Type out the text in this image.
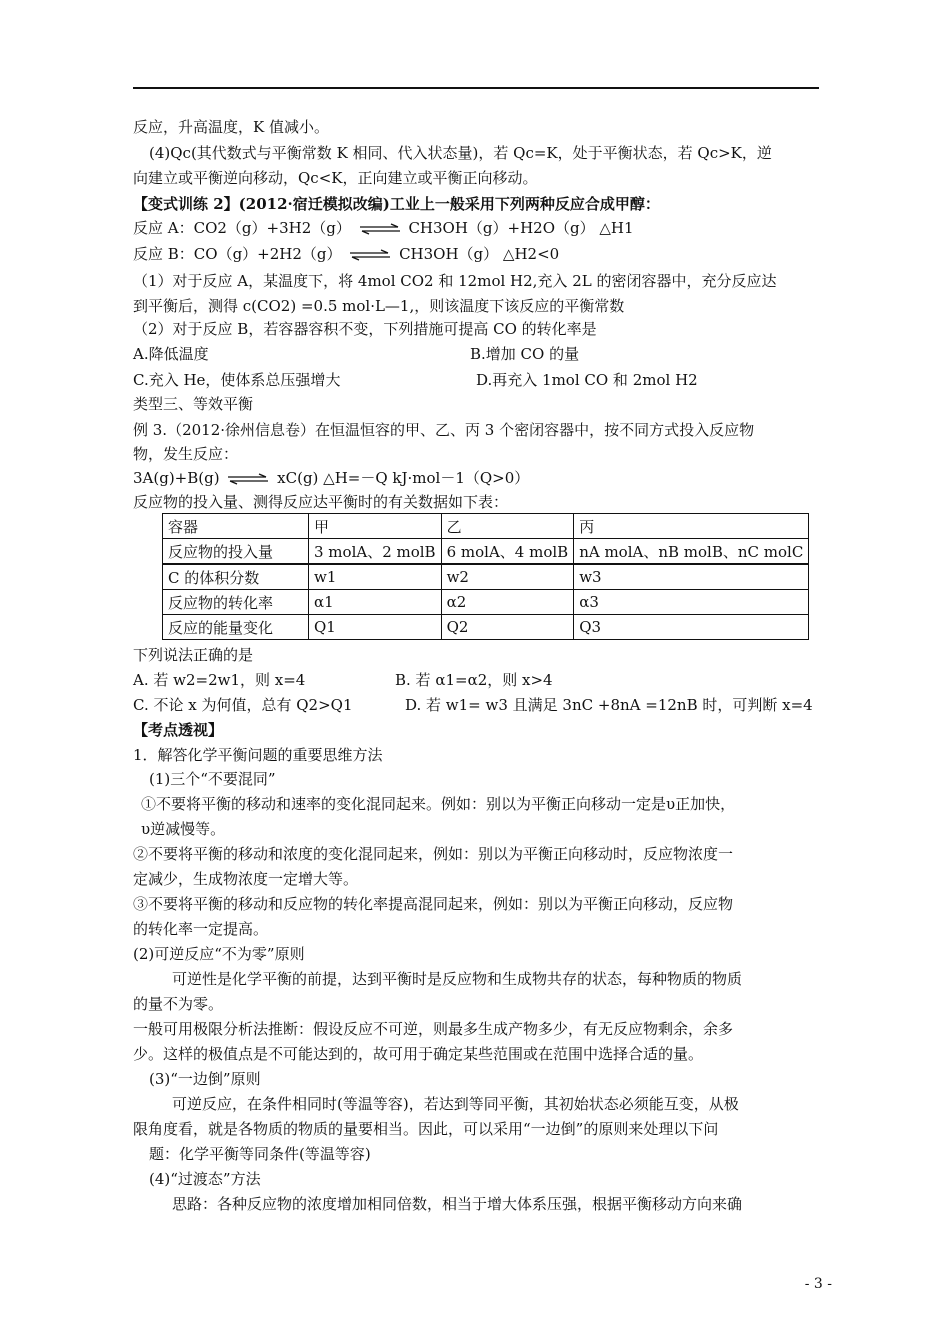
反应，升高温度，K 值减小。
(4)Qc(其代数式与平衡常数 K 相同、代入状态量)，若 Qc=K，处于平衡状态，若 Qc>K，逆
向建立或平衡逆向移动，Qc<K，正向建立或平衡正向移动。
【变式训练 2】(2012·宿迁模拟改编)工业上一般采用下列两种反应合成甲醇：
反应 A：CO2（g）+3H2（g） ⇌ CH3OH（g）+H2O（g） △H1
反应 B：CO（g）+2H2（g） ⇌ CH3OH（g） △H2<0
（1）对于反应 A，某温度下，将 4mol CO2 和 12mol H2,充入 2L 的密闭容器中，充分反应达
到平衡后，测得 c(CO2) =0.5 mol·L—1,，则该温度下该反应的平衡常数
（2）对于反应 B，若容器容积不变，下列措施可提高 CO 的转化率是
A.降低温度	B.增加 CO 的量
C.充入 He，使体系总压强增大	D.再充入 1mol CO 和 2mol H2
类型三、等效平衡
例 3.（2012·徐州信息卷）在恒温恒容的甲、乙、丙 3 个密闭容器中，按不同方式投入反应物
物，发生反应：
3A(g)+B(g) ⇌ xC(g) △H=－Q kJ·mol－1（Q>0）
反应物的投入量、测得反应达平衡时的有关数据如下表：
容器	甲	乙	丙
反应物的投入量	3 molA、2 molB	6 molA、4 molB	nA molA、nB molB、nC molC
C 的体积分数	w1	w2	w3
反应物的转化率	α1	α2	α3
反应的能量变化	Q1	Q2	Q3
下列说法正确的是
A. 若 w2=2w1，则 x=4	B. 若 α1=α2，则 x>4
C. 不论 x 为何值，总有 Q2>Q1	D. 若 w1= w3 且满足 3nC +8nA =12nB 时，可判断 x=4
【考点透视】
1．解答化学平衡问题的重要思维方法
(1)三个“不要混同”
①不要将平衡的移动和速率的变化混同起来。例如：别以为平衡正向移动一定是υ正加快，
υ逆减慢等。
②不要将平衡的移动和浓度的变化混同起来，例如：别以为平衡正向移动时，反应物浓度一
定减少，生成物浓度一定增大等。
③不要将平衡的移动和反应物的转化率提高混同起来，例如：别以为平衡正向移动，反应物
的转化率一定提高。
(2)可逆反应“不为零”原则
可逆性是化学平衡的前提，达到平衡时是反应物和生成物共存的状态，每种物质的物质
的量不为零。
一般可用极限分析法推断：假设反应不可逆，则最多生成产物多少，有无反应物剩余，余多
少。这样的极值点是不可能达到的，故可用于确定某些范围或在范围中选择合适的量。
(3)“一边倒”原则
可逆反应，在条件相同时(等温等容)，若达到等同平衡，其初始状态必须能互变，从极
限角度看，就是各物质的物质的量要相当。因此，可以采用“一边倒”的原则来处理以下问
题：化学平衡等同条件(等温等容)
(4)“过渡态”方法
思路：各种反应物的浓度增加相同倍数，相当于增大体系压强，根据平衡移动方向来确
- 3 -
